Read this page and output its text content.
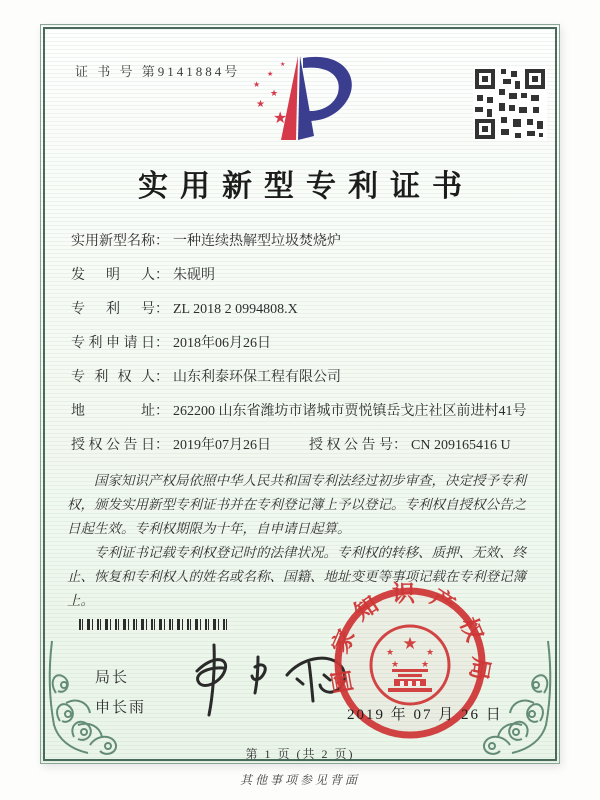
证 书 号 第9141884号
★
★
★
★
★
★
实用新型专利证书
实用新型名称 ： 一种连续热解型垃圾焚烧炉
发明人 ： 朱砚明
专利号 ： ZL 2018 2 0994808.X
专利申请日 ： 2018年06月26日
专利权人 ： 山东利泰环保工程有限公司
地址 ： 262200 山东省潍坊市诸城市贾悦镇岳戈庄社区前进村41号
授权公告日 ： 2019年07月26日	授权公告号 ： CN 209165416 U

国家知识产权局依照中华人民共和国专利法经过初步审查，决定授予专利权，颁发实用新型专利证书并在专利登记簿上予以登记。专利权自授权公告之日起生效。专利权期限为十年，自申请日起算。

专利证书记载专利权登记时的法律状况。专利权的转移、质押、无效、终止、恢复和专利权人的姓名或名称、国籍、地址变更等事项记载在专利登记簿上。

局长
申长雨
国家知识产权局
★
★	★
★ ★
2019 年 07 月 26 日
第 1 页 (共 2 页)
其他事项参见背面
